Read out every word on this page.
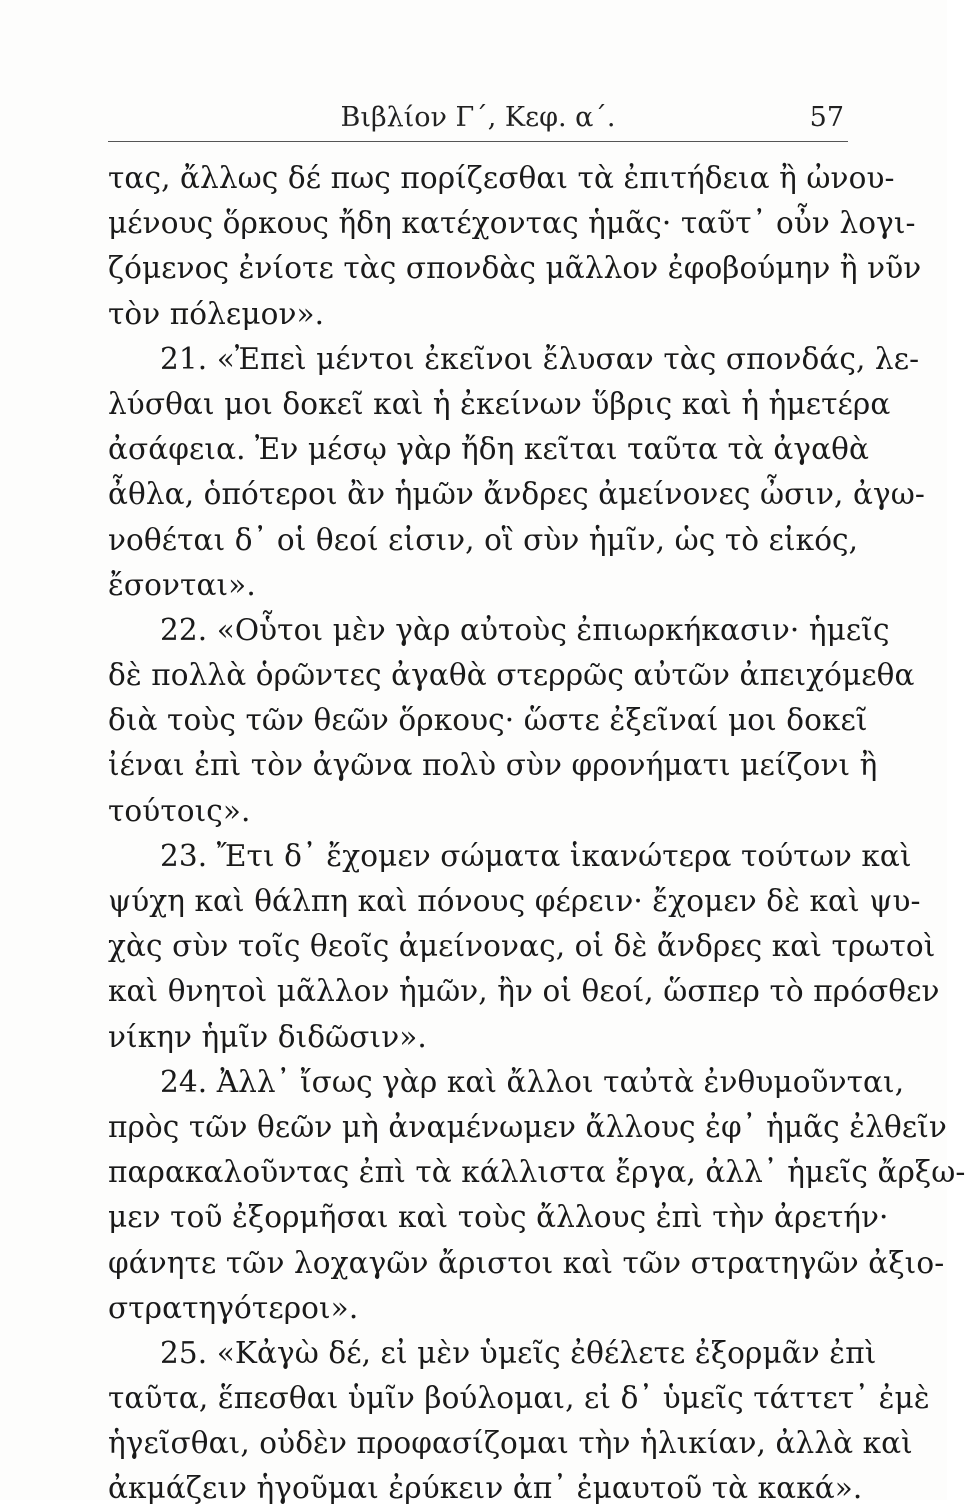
Βιβλίον Γ΄, Κεφ. α΄.	57
τας, ἄλλως δέ πως πορίζεσθαι τὰ ἐπιτήδεια ἢ ὠνου-
μένους ὅρκους ἤδη κατέχοντας ἡμᾶς· ταῦτ᾽ οὖν λογι-
ζόμενος ἐνίοτε τὰς σπονδὰς μᾶλλον ἐφοβούμην ἢ νῦν
τὸν πόλεμον».
21. «Ἐπεὶ μέντοι ἐκεῖνοι ἔλυσαν τὰς σπονδάς, λε-
λύσθαι μοι δοκεῖ καὶ ἡ ἐκείνων ὕβρις καὶ ἡ ἡμετέρα
ἀσάφεια. Ἐν μέσῳ γὰρ ἤδη κεῖται ταῦτα τὰ ἀγαθὰ
ἆθλα, ὁπότεροι ἂν ἡμῶν ἄνδρες ἀμείνονες ὦσιν, ἀγω-
νοθέται δ᾽ οἱ θεοί εἰσιν, οἳ σὺν ἡμῖν, ὡς τὸ εἰκός,
ἔσονται».
22. «Οὗτοι μὲν γὰρ αὐτοὺς ἐπιωρκήκασιν· ἡμεῖς
δὲ πολλὰ ὁρῶντες ἀγαθὰ στερρῶς αὐτῶν ἀπειχόμεθα
διὰ τοὺς τῶν θεῶν ὅρκους· ὥστε ἐξεῖναί μοι δοκεῖ
ἰέναι ἐπὶ τὸν ἀγῶνα πολὺ σὺν φρονήματι μείζονι ἢ
τούτοις».
23. Ἔτι δ᾽ ἔχομεν σώματα ἱκανώτερα τούτων καὶ
ψύχη καὶ θάλπη καὶ πόνους φέρειν· ἔχομεν δὲ καὶ ψυ-
χὰς σὺν τοῖς θεοῖς ἀμείνονας, οἱ δὲ ἄνδρες καὶ τρωτοὶ
καὶ θνητοὶ μᾶλλον ἡμῶν, ἢν οἱ θεοί, ὥσπερ τὸ πρόσθεν
νίκην ἡμῖν διδῶσιν».
24. Ἀλλ᾽ ἴσως γὰρ καὶ ἄλλοι ταὐτὰ ἐνθυμοῦνται,
πρὸς τῶν θεῶν μὴ ἀναμένωμεν ἄλλους ἐφ᾽ ἡμᾶς ἐλθεῖν
παρακαλοῦντας ἐπὶ τὰ κάλλιστα ἔργα, ἀλλ᾽ ἡμεῖς ἄρξω-
μεν τοῦ ἐξορμῆσαι καὶ τοὺς ἄλλους ἐπὶ τὴν ἀρετήν·
φάνητε τῶν λοχαγῶν ἄριστοι καὶ τῶν στρατηγῶν ἀξιο-
στρατηγότεροι».
25. «Κἀγὼ δέ, εἰ μὲν ὑμεῖς ἐθέλετε ἐξορμᾶν ἐπὶ
ταῦτα, ἕπεσθαι ὑμῖν βούλομαι, εἰ δ᾽ ὑμεῖς τάττετ᾽ ἐμὲ
ἡγεῖσθαι, οὐδὲν προφασίζομαι τὴν ἡλικίαν, ἀλλὰ καὶ
ἀκμάζειν ἡγοῦμαι ἐρύκειν ἀπ᾽ ἐμαυτοῦ τὰ κακά».
